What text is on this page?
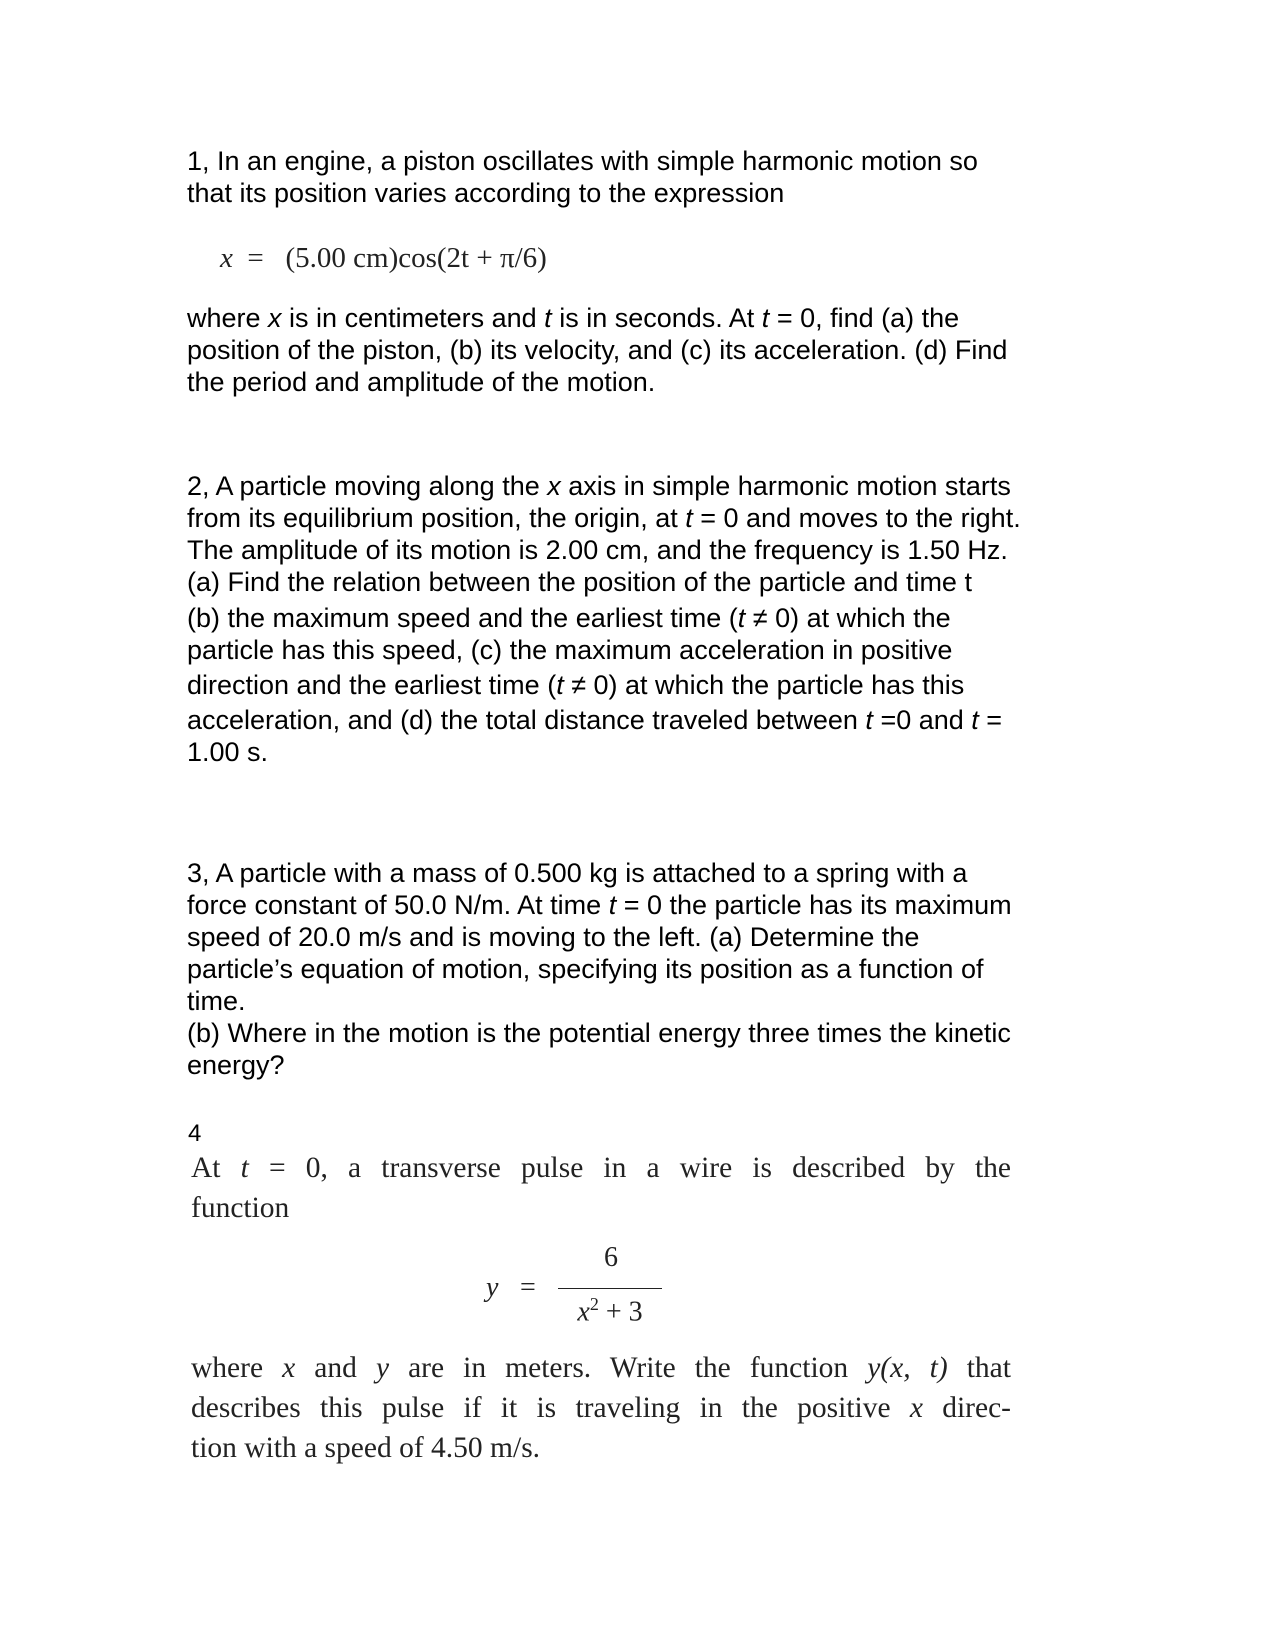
1, In an engine, a piston oscillates with simple harmonic motion so

that its position varies according to the expression

x  =   (5.00 cm)cos(2t + π/6)

where x is in centimeters and t is in seconds. At t = 0, find (a) the

position of the piston, (b) its velocity, and (c) its acceleration. (d) Find

the period and amplitude of the motion.

2, A particle moving along the x axis in simple harmonic motion starts

from its equilibrium position, the origin, at t = 0 and moves to the right.

The amplitude of its motion is 2.00 cm, and the frequency is 1.50 Hz.

(a) Find the relation between the position of the particle and time t

(b) the maximum speed and the earliest time (t ≠ 0) at which the

particle has this speed, (c) the maximum acceleration in positive

direction and the earliest time (t ≠ 0) at which the particle has this

acceleration, and (d) the total distance traveled between t =0 and t =

1.00 s.

3, A particle with a mass of 0.500 kg is attached to a spring with a

force constant of 50.0 N/m. At time t = 0 the particle has its maximum

speed of 20.0 m/s and is moving to the left. (a) Determine the

particle’s equation of motion, specifying its position as a function of

time.

(b) Where in the motion is the potential energy three times the kinetic

energy?

4
At t = 0, a transverse pulse in a wire is described by the
function
y =
6
$x^2 + 3$
where x and y are in meters. Write the function y(x, t) that
describes this pulse if it is traveling in the positive x direc-
tion with a speed of 4.50 m/s.
